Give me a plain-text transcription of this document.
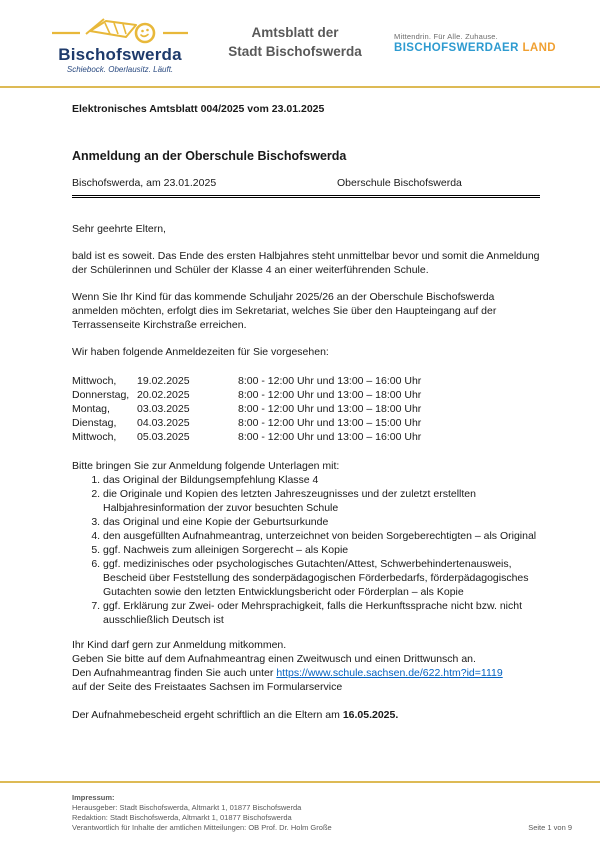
Bischofswerda
Schiebock. Oberlausitz. Läuft.
Amtsblatt der
Stadt Bischofswerda
Mittendrin. Für Alle. Zuhause.
BISCHOFSWERDAER LAND
Elektronisches Amtsblatt 004/2025 vom 23.01.2025
Anmeldung an der Oberschule Bischofswerda
Bischofswerda, am 23.01.2025	Oberschule Bischofswerda
Sehr geehrte Eltern,

bald ist es soweit. Das Ende des ersten Halbjahres steht unmittelbar bevor und somit die Anmeldung der Schülerinnen und Schüler der Klasse 4 an einer weiterführenden Schule.

Wenn Sie Ihr Kind für das kommende Schuljahr 2025/26 an der Oberschule Bischofswerda anmelden möchten, erfolgt dies im Sekretariat, welches Sie über den Haupteingang auf der Terrassenseite Kirchstraße erreichen.

Wir haben folgende Anmeldezeiten für Sie vorgesehen:
Mittwoch,	19.02.2025	8:00 - 12:00 Uhr und 13:00 – 16:00 Uhr
Donnerstag, 20.02.2025	8:00 - 12:00 Uhr und 13:00 – 18:00 Uhr
Montag,	03.03.2025	8:00 - 12:00 Uhr und 13:00 – 18:00 Uhr
Dienstag,	04.03.2025	8:00 - 12:00 Uhr und 13:00 – 15:00 Uhr
Mittwoch,	05.03.2025	8:00 - 12:00 Uhr und 13:00 – 16:00 Uhr
Bitte bringen Sie zur Anmeldung folgende Unterlagen mit:
1. das Original der Bildungsempfehlung Klasse 4
2. die Originale und Kopien des letzten Jahreszeugnisses und der zuletzt erstellten Halbjahresinformation der zuvor besuchten Schule
3. das Original und eine Kopie der Geburtsurkunde
4. den ausgefüllten Aufnahmeantrag, unterzeichnet von beiden Sorgeberechtigten – als Original
5. ggf. Nachweis zum alleinigen Sorgerecht – als Kopie
6. ggf. medizinisches oder psychologisches Gutachten/Attest, Schwerbehindertenausweis, Bescheid über Feststellung des sonderpädagogischen Förderbedarfs, förderpädagogisches Gutachten sowie den letzten Entwicklungsbericht oder Förderplan – als Kopie
7. ggf. Erklärung zur Zwei- oder Mehrsprachigkeit, falls die Herkunftssprache nicht bzw. nicht ausschließlich Deutsch ist
Ihr Kind darf gern zur Anmeldung mitkommen.
Geben Sie bitte auf dem Aufnahmeantrag einen Zweitwusch und einen Drittwunsch an.
Den Aufnahmeantrag finden Sie auch unter https://www.schule.sachsen.de/622.htm?id=1119
auf der Seite des Freistaates Sachsen im Formularservice
Der Aufnahmebescheid ergeht schriftlich an die Eltern am 16.05.2025.
Impressum:
Herausgeber: Stadt Bischofswerda, Altmarkt 1, 01877 Bischofswerda
Redaktion: Stadt Bischofswerda, Altmarkt 1, 01877 Bischofswerda
Verantwortlich für Inhalte der amtlichen Mitteilungen: OB Prof. Dr. Holm Große	Seite 1 von 9
